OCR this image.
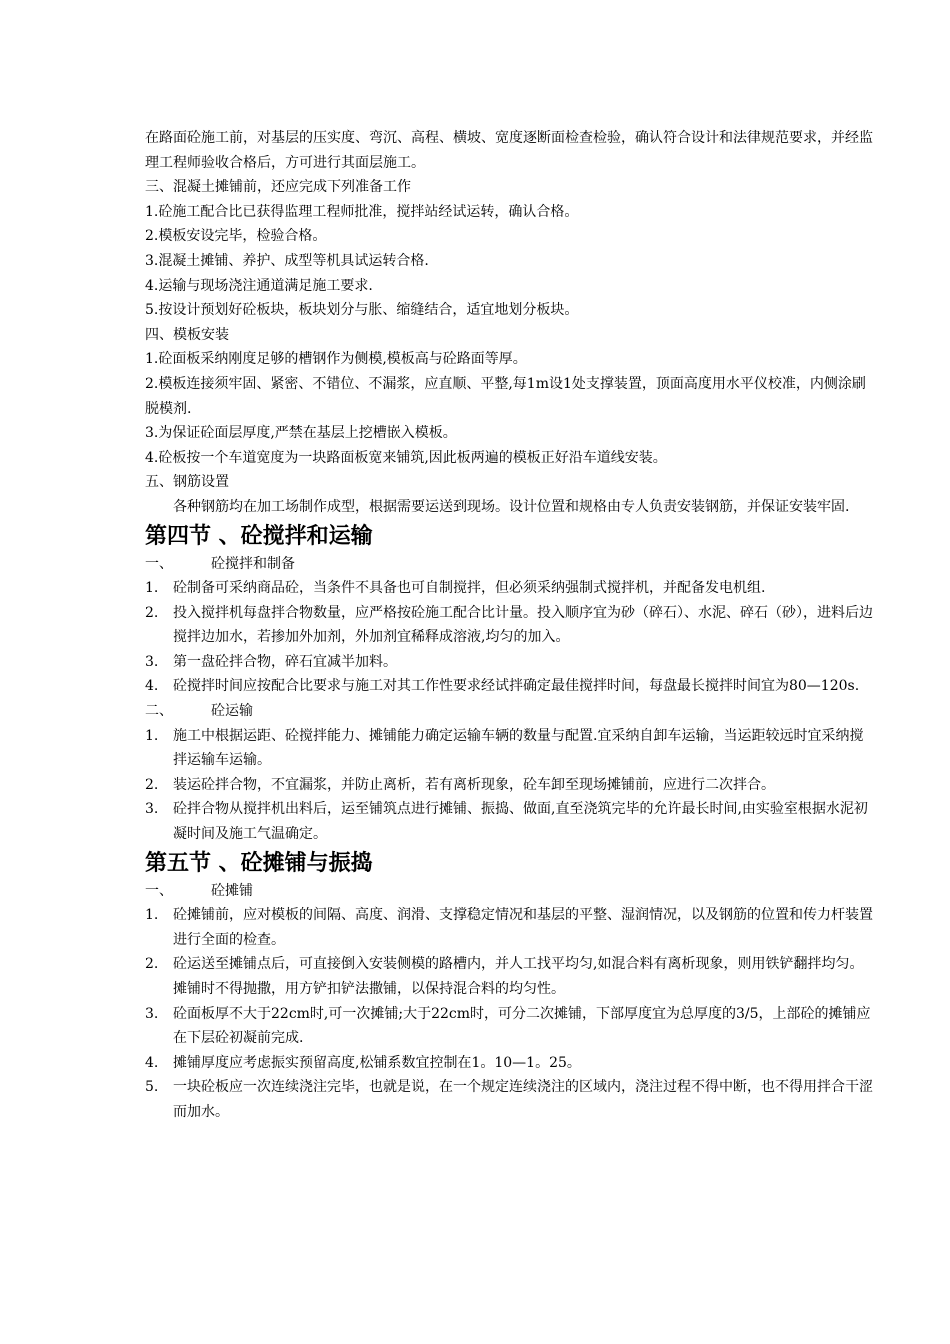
在路面砼施工前，对基层的压实度、弯沉、高程、横坡、宽度逐断面检查检验，确认符合设计和法律规范要求，并经监理工程师验收合格后，方可进行其面层施工。

三、混凝土摊铺前，还应完成下列准备工作

1.砼施工配合比已获得监理工程师批准，搅拌站经试运转，确认合格。

2.模板安设完毕，检验合格。

3.混凝土摊铺、养护、成型等机具试运转合格.

4.运输与现场浇注通道满足施工要求.

5.按设计预划好砼板块，板块划分与胀、缩缝结合，适宜地划分板块。

四、模板安装

1.砼面板采纳刚度足够的槽钢作为侧模,模板高与砼路面等厚。

2.模板连接须牢固、紧密、不错位、不漏浆，应直顺、平整,每1m设1处支撑装置，顶面高度用水平仪校准，内侧涂刷脱模剂.

3.为保证砼面层厚度,严禁在基层上挖槽嵌入模板。

4.砼板按一个车道宽度为一块路面板宽来铺筑,因此板两遍的模板正好沿车道线安装。

五、钢筋设置

各种钢筋均在加工场制作成型，根据需要运送到现场。设计位置和规格由专人负责安装钢筋，并保证安装牢固.

第四节 、砼搅拌和运输
一、	砼搅拌和制备
1.	砼制备可采纳商品砼，当条件不具备也可自制搅拌，但必须采纳强制式搅拌机，并配备发电机组.
2.	投入搅拌机每盘拌合物数量，应严格按砼施工配合比计量。投入顺序宜为砂（碎石）、水泥、碎石（砂），进料后边搅拌边加水，若掺加外加剂，外加剂宜稀释成溶液,均匀的加入。
3.	第一盘砼拌合物，碎石宜减半加料。
4.	砼搅拌时间应按配合比要求与施工对其工作性要求经试拌确定最佳搅拌时间，每盘最长搅拌时间宜为80—120s.
二、	砼运输
1.	施工中根据运距、砼搅拌能力、摊铺能力确定运输车辆的数量与配置.宜采纳自卸车运输，当运距较远时宜采纳搅拌运输车运输。
2.	装运砼拌合物，不宜漏浆，并防止离析，若有离析现象，砼车卸至现场摊铺前，应进行二次拌合。
3.	砼拌合物从搅拌机出料后，运至铺筑点进行摊铺、振捣、做面,直至浇筑完毕的允许最长时间,由实验室根据水泥初凝时间及施工气温确定。
第五节 、砼摊铺与振捣
一、	砼摊铺
1.	砼摊铺前，应对模板的间隔、高度、润滑、支撑稳定情况和基层的平整、湿润情况，以及钢筋的位置和传力杆装置进行全面的检查。
2.	砼运送至摊铺点后，可直接倒入安装侧模的路槽内，并人工找平均匀,如混合料有离析现象，则用铁铲翻拌均匀。摊铺时不得抛撒，用方铲扣铲法撒铺，以保持混合料的均匀性。
3.	砼面板厚不大于22cm时,可一次摊铺;大于22cm时，可分二次摊铺，下部厚度宜为总厚度的3/5，上部砼的摊铺应在下层砼初凝前完成.
4.	摊铺厚度应考虑振实预留高度,松铺系数宜控制在1。10—1。25。
5.	一块砼板应一次连续浇注完毕，也就是说，在一个规定连续浇注的区域内，浇注过程不得中断，也不得用拌合干涩而加水。
